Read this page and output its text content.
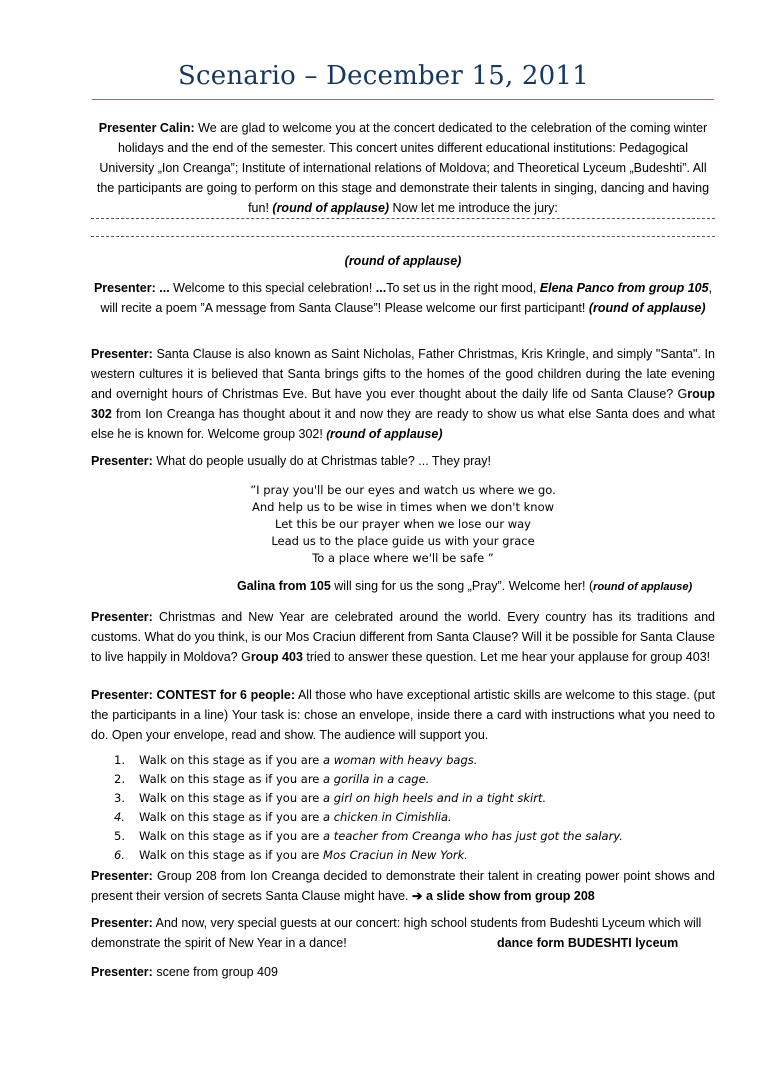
Scenario – December 15, 2011
Presenter Calin: We are glad to welcome you at the concert dedicated to the celebration of the coming winter holidays and the end of the semester. This concert unites different educational institutions: Pedagogical University „Ion Creanga”; Institute of international relations of Moldova; and Theoretical Lyceum „Budeshti”. All the participants are going to perform on this stage and demonstrate their talents in singing, dancing and having fun! (round of applause) Now let me introduce the jury:
(round of applause)
Presenter: ... Welcome to this special celebration! ...To set us in the right mood, Elena Panco from group 105, will recite a poem ”A message from Santa Clause”! Please welcome our first participant! (round of applause)
Presenter: Santa Clause is also known as Saint Nicholas, Father Christmas, Kris Kringle, and simply "Santa". In western cultures it is believed that Santa brings gifts to the homes of the good children during the late evening and overnight hours of Christmas Eve. But have you ever thought about the daily life od Santa Clause? Group 302 from Ion Creanga has thought about it and now they are ready to show us what else Santa does and what else he is known for. Welcome group 302! (round of applause)
Presenter: What do people usually do at Christmas table? ... They pray!
”I pray you'll be our eyes and watch us where we go.
And help us to be wise in times when we don't know
Let this be our prayer when we lose our way
Lead us to the place guide us with your grace
To a place where we'll be safe ”
Galina from 105 will sing for us the song „Pray”. Welcome her! (round of applause)
Presenter: Christmas and New Year are celebrated around the world. Every country has its traditions and customs. What do you think, is our Mos Craciun different from Santa Clause? Will it be possible for Santa Clause to live happily in Moldova? Group 403 tried to answer these question. Let me hear your applause for group 403!
Presenter: CONTEST for 6 people: All those who have exceptional artistic skills are welcome to this stage. (put the participants in a line) Your task is: chose an envelope, inside there a card with instructions what you need to do. Open your envelope, read and show. The audience will support you.
1.	Walk on this stage as if you are a woman with heavy bags.
2.	Walk on this stage as if you are a gorilla in a cage.
3.	Walk on this stage as if you are a girl on high heels and in a tight skirt.
4.	Walk on this stage as if you are a chicken in Cimishlia.
5.	Walk on this stage as if you are a teacher from Creanga who has just got the salary.
6.	Walk on this stage as if you are Mos Craciun in New York.
Presenter: Group 208 from Ion Creanga decided to demonstrate their talent in creating power point shows and present their version of secrets Santa Clause might have. ➔ a slide show from group 208
Presenter: And now, very special guests at our concert: high school students from Budeshti Lyceum which will demonstrate the spirit of New Year in a dance!	dance form BUDESHTI lyceum
Presenter: scene from group 409
